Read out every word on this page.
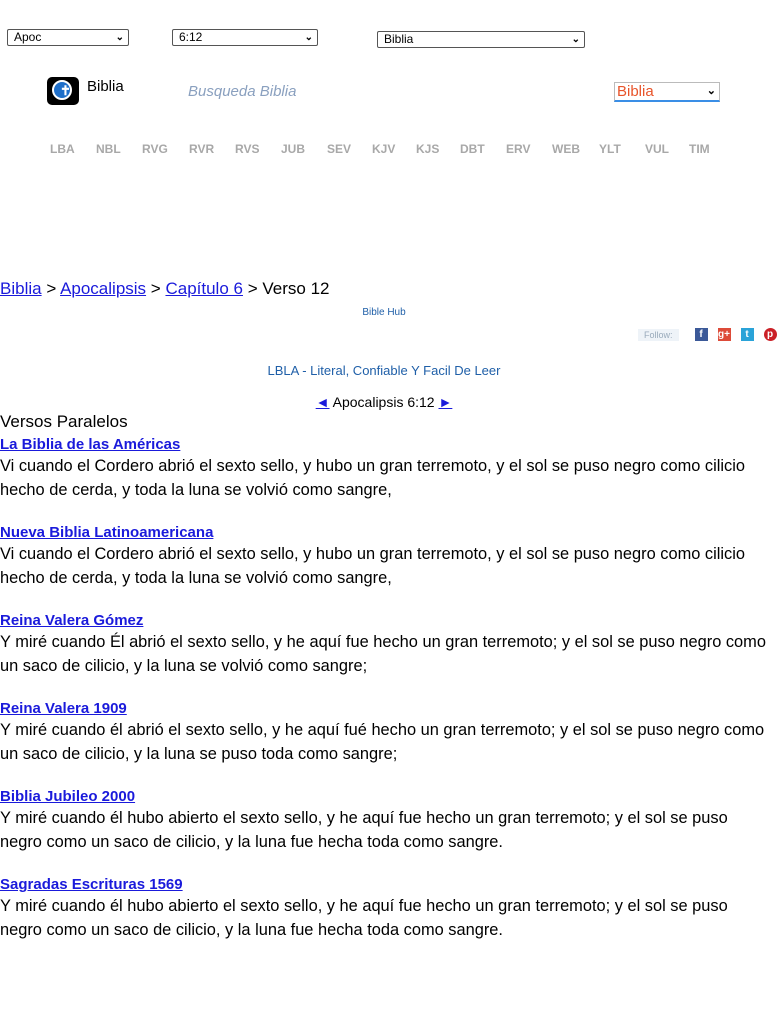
Apoc	⌄	6:12	⌄	Biblia	⌄
✝ Biblia	Busqueda Biblia	Biblia	⌄
LBA	NBL	RVG	RVR	RVS	JUB	SEV	KJV	KJS	DBT	ERV	WEB	YLT	VUL	TIM
Biblia > Apocalipsis > Capítulo 6 > Verso 12
Bible Hub
Follow:	f	g+	t	p
LBLA - Literal, Confiable Y Facil De Leer
◄ Apocalipsis 6:12 ►
Versos Paralelos
La Biblia de las Américas

Vi cuando el Cordero abrió el sexto sello, y hubo un gran terremoto, y el sol se puso negro como cilicio hecho de cerda, y toda la luna se volvió como sangre,

Nueva Biblia Latinoamericana

Vi cuando el Cordero abrió el sexto sello, y hubo un gran terremoto, y el sol se puso negro como cilicio hecho de cerda, y toda la luna se volvió como sangre,

Reina Valera Gómez

Y miré cuando Él abrió el sexto sello, y he aquí fue hecho un gran terremoto; y el sol se puso negro como un saco de cilicio, y la luna se volvió como sangre;

Reina Valera 1909

Y miré cuando él abrió el sexto sello, y he aquí fué hecho un gran terremoto; y el sol se puso negro como un saco de cilicio, y la luna se puso toda como sangre;

Biblia Jubileo 2000

Y miré cuando él hubo abierto el sexto sello, y he aquí fue hecho un gran terremoto; y el sol se puso negro como un saco de cilicio, y la luna fue hecha toda como sangre.

Sagradas Escrituras 1569

Y miré cuando él hubo abierto el sexto sello, y he aquí fue hecho un gran terremoto; y el sol se puso negro como un saco de cilicio, y la luna fue hecha toda como sangre.
